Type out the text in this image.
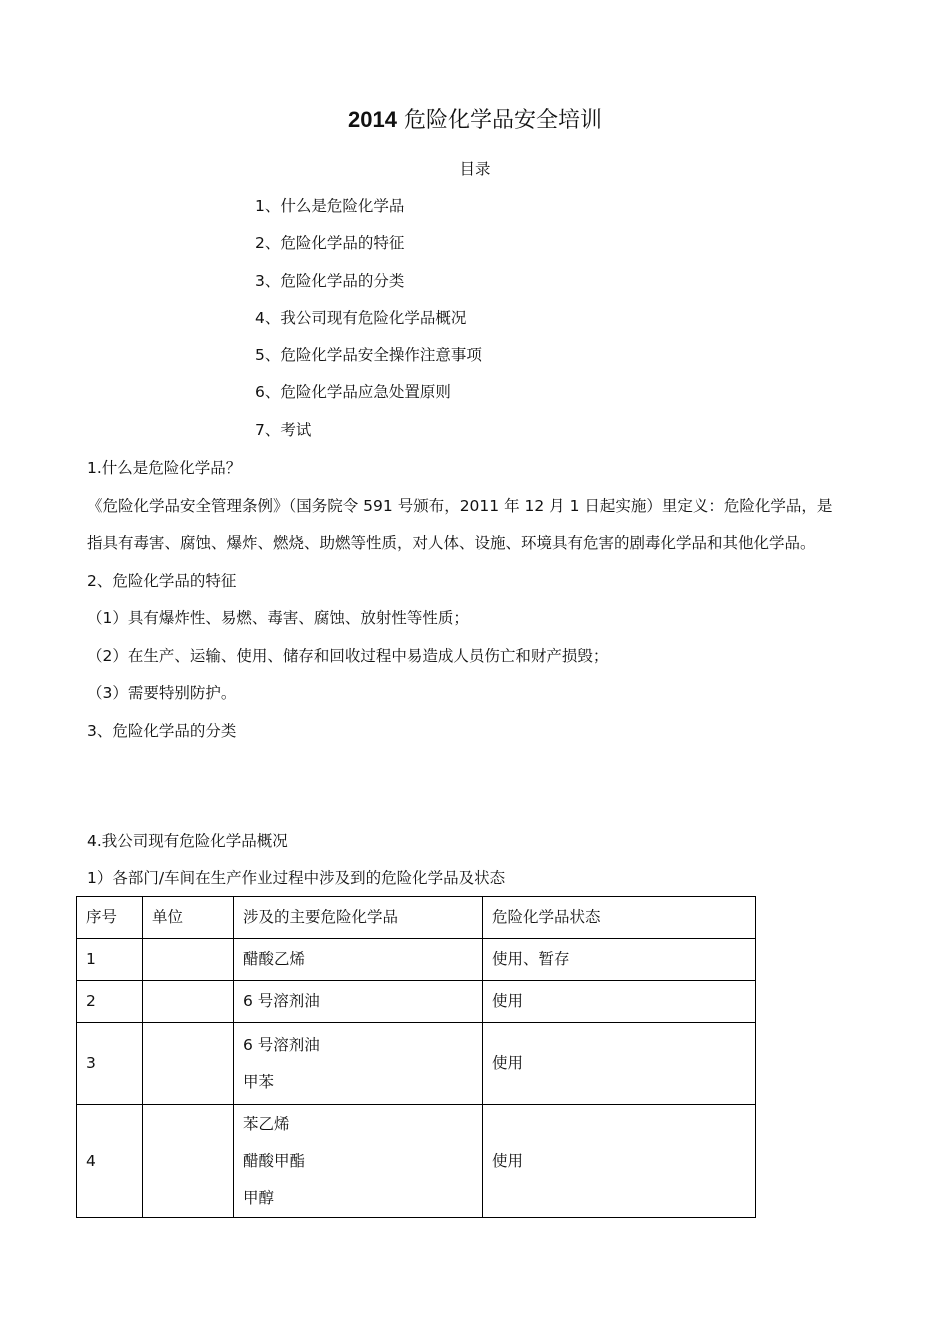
2014 危险化学品安全培训
目录
1、什么是危险化学品
2、危险化学品的特征
3、危险化学品的分类
4、我公司现有危险化学品概况
5、危险化学品安全操作注意事项
6、危险化学品应急处置原则
7、考试

1.什么是危险化学品？

《危险化学品安全管理条例》（国务院令 591 号颁布，2011 年 12 月 1 日起实施）里定义：危险化学品，是

指具有毒害、腐蚀、爆炸、燃烧、助燃等性质，对人体、设施、环境具有危害的剧毒化学品和其他化学品。

2、危险化学品的特征

（1）具有爆炸性、易燃、毒害、腐蚀、放射性等性质；

（2）在生产、运输、使用、储存和回收过程中易造成人员伤亡和财产损毁；

（3）需要特别防护。

3、危险化学品的分类

4.我公司现有危险化学品概况

1）各部门/车间在生产作业过程中涉及到的危险化学品及状态

序号	单位	涉及的主要危险化学品	危险化学品状态
1		醋酸乙烯	使用、暂存
2		6 号溶剂油	使用
3		6 号溶剂油
甲苯	使用
4		苯乙烯
醋酸甲酯
甲醇	使用
